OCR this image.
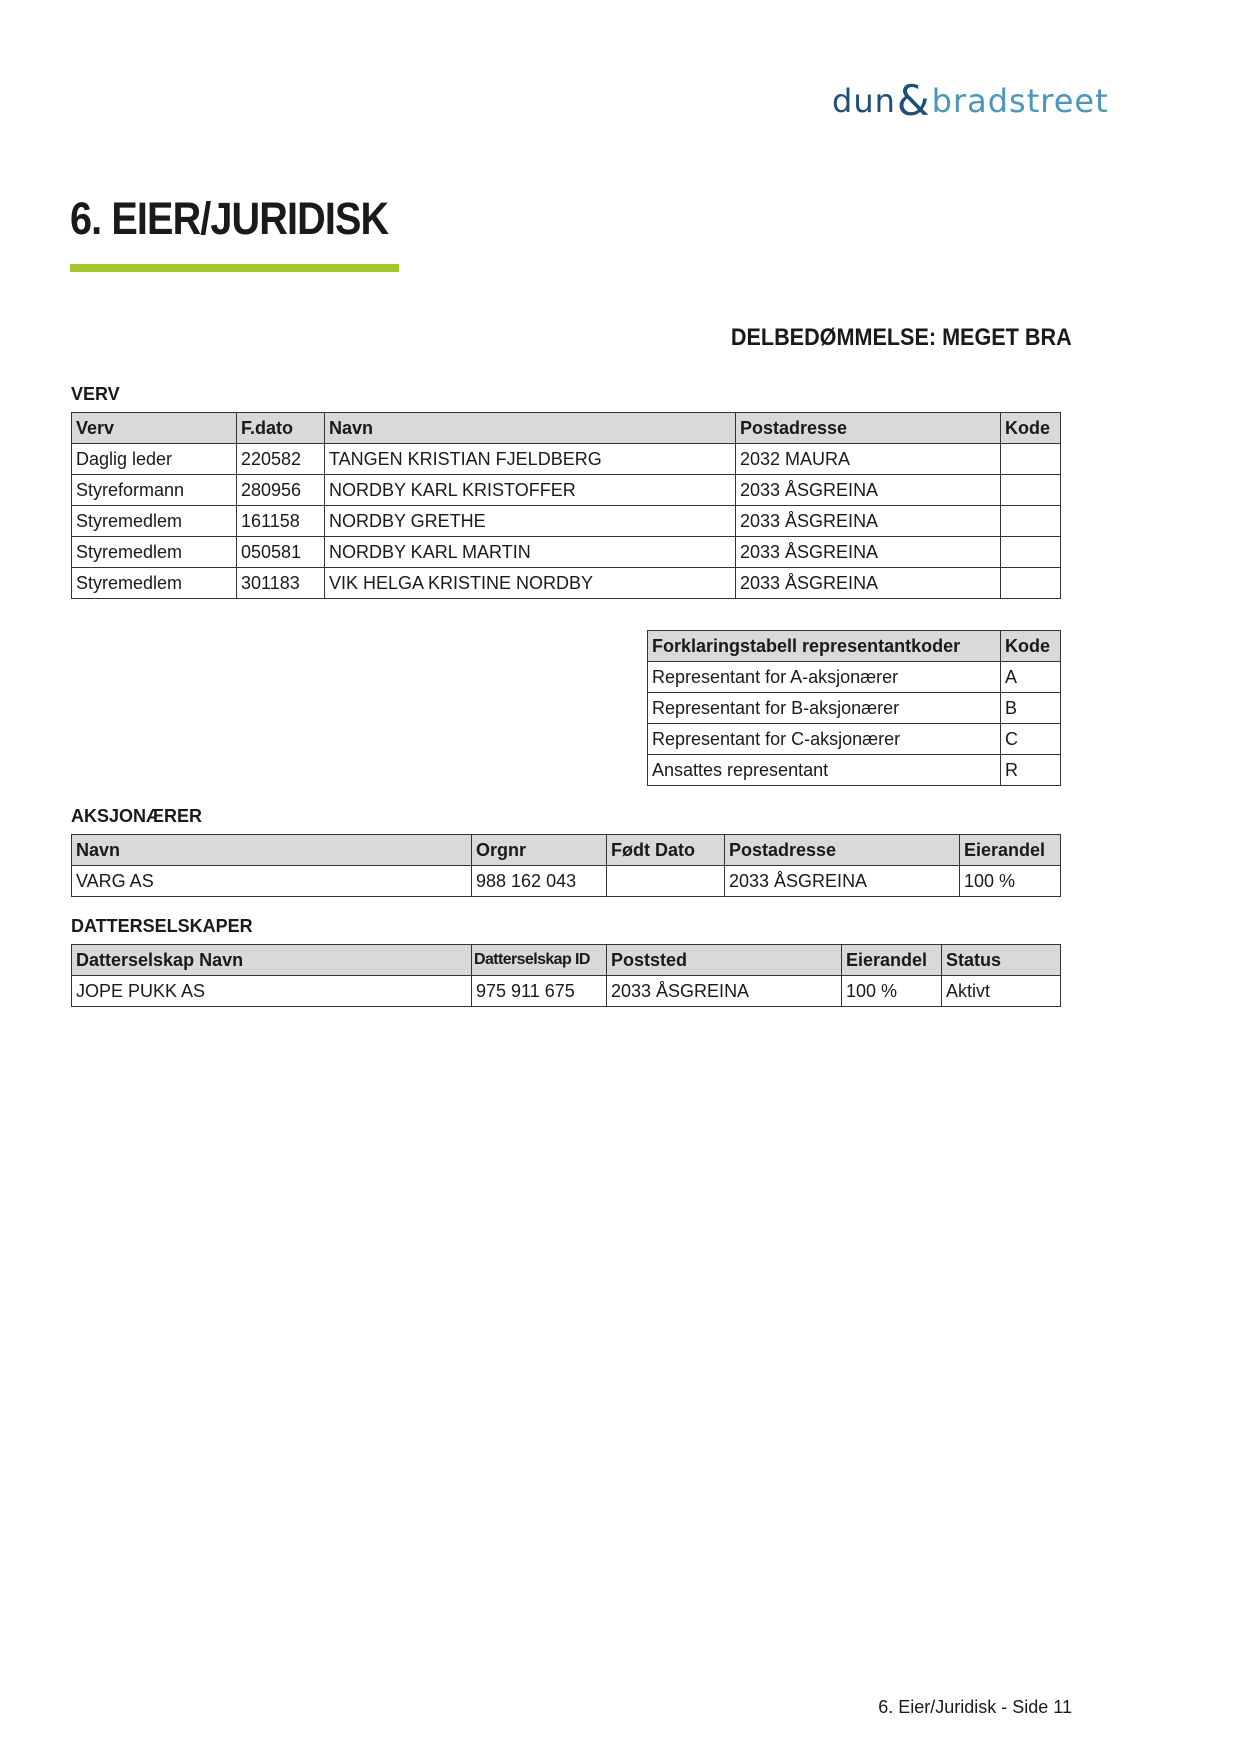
dun & bradstreet
6. EIER/JURIDISK
DELBEDØMMELSE: MEGET BRA

VERV

Verv	F.dato	Navn	Postadresse	Kode
Daglig leder	220582	TANGEN KRISTIAN FJELDBERG	2032 MAURA	
Styreformann	280956	NORDBY KARL KRISTOFFER	2033 ÅSGREINA	
Styremedlem	161158	NORDBY GRETHE	2033 ÅSGREINA	
Styremedlem	050581	NORDBY KARL MARTIN	2033 ÅSGREINA	
Styremedlem	301183	VIK HELGA KRISTINE NORDBY	2033 ÅSGREINA	
Forklaringstabell representantkoder	Kode
Representant for A-aksjonærer	A
Representant for B-aksjonærer	B
Representant for C-aksjonærer	C
Ansattes representant	R

AKSJONÆRER

Navn	Orgnr	Født Dato	Postadresse	Eierandel
VARG AS	988 162 043		2033 ÅSGREINA	100 %

DATTERSELSKAPER

Datterselskap Navn	Datterselskap ID	Poststed	Eierandel	Status
JOPE PUKK AS	975 911 675	2033 ÅSGREINA	100 %	Aktivt

6. Eier/Juridisk - Side 11
